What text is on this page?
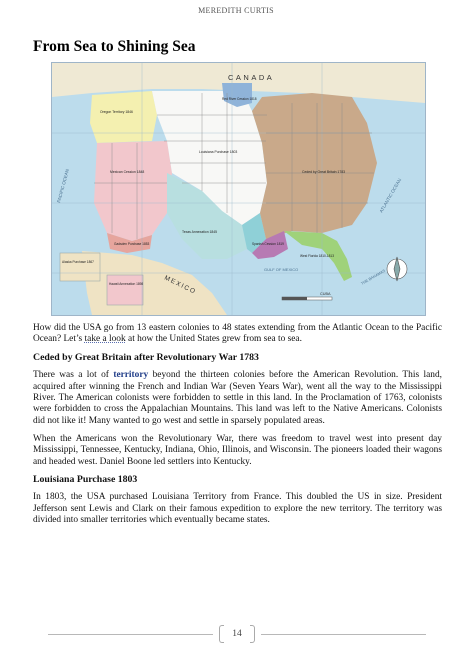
MEREDITH CURTIS
From Sea to Shining Sea
CANADA
MEXICO
PACIFIC OCEAN	ATLANTIC OCEAN
GULF OF MEXICO	THE BAHAMAS
CUBA
Ceded by Great Britain 1783
Louisiana Purchase 1803
Oregon Territory 1846
Mexican Cession 1848
Texas Annexation 1845
Gadsden Purchase 1853
West Florida 1810-1813
Red River Cession 1818
Alaska Purchase 1867
Hawaii Annexation 1898
Spanish Cession 1819

How did the USA go from 13 eastern colonies to 48 states extending from the Atlantic Ocean to the Pacific Ocean? Let’s take a look at how the United States grew from sea to sea.

Ceded by Great Britain after Revolutionary War 1783

There was a lot of territory beyond the thirteen colonies before the American Revolution. This land, acquired after winning the French and Indian War (Seven Years War), went all the way to the Mississippi River. The American colonists were forbidden to settle in this land. In the Proclamation of 1763, colonists were forbidden to cross the Appalachian Mountains. This land was left to the Native Americans. Colonists did not like it! Many wanted to go west and settle in sparsely populated areas.

When the Americans won the Revolutionary War, there was freedom to travel west into present day Mississippi, Tennessee, Kentucky, Indiana, Ohio, Illinois, and Wisconsin. The pioneers loaded their wagons and headed west. Daniel Boone led settlers into Kentucky.

Louisiana Purchase 1803

In 1803, the USA purchased Louisiana Territory from France. This doubled the US in size. President Jefferson sent Lewis and Clark on their famous expedition to explore the new territory. The territory was divided into smaller territories which eventually became states.

14
